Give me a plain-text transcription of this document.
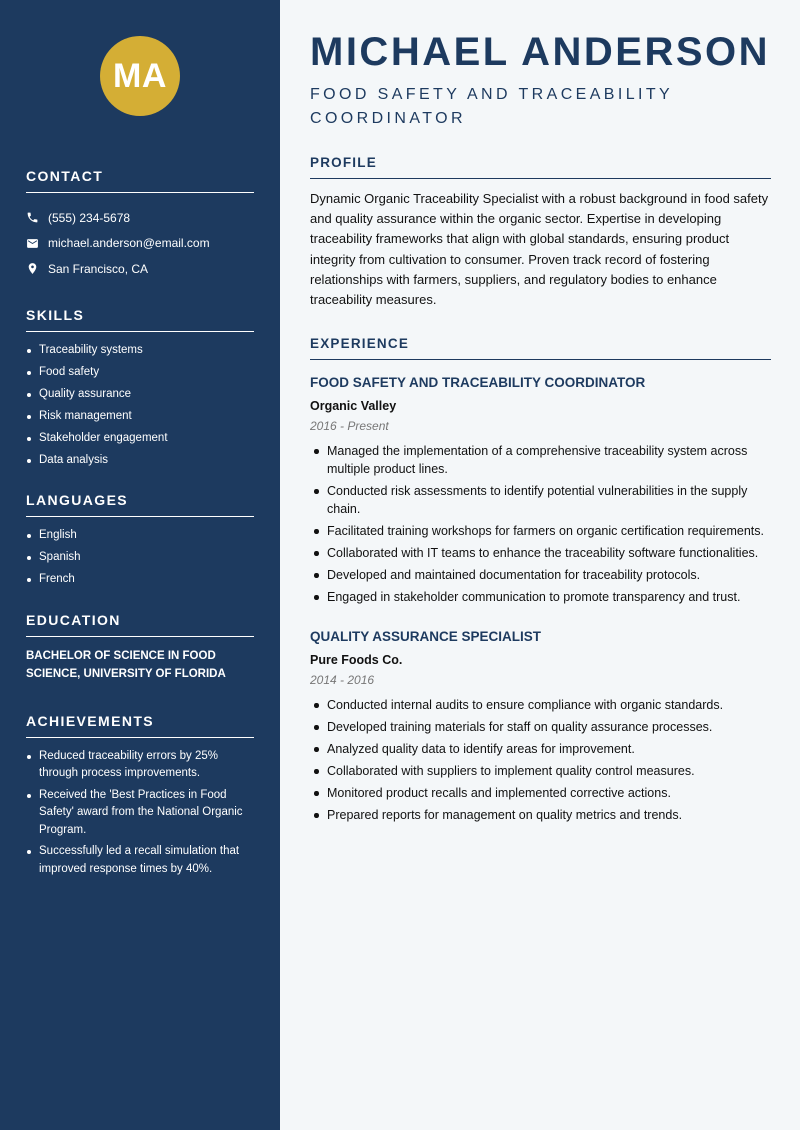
MA
CONTACT
(555) 234-5678
michael.anderson@email.com
San Francisco, CA
SKILLS
Traceability systems
Food safety
Quality assurance
Risk management
Stakeholder engagement
Data analysis
LANGUAGES
English
Spanish
French
EDUCATION

BACHELOR OF SCIENCE IN FOOD SCIENCE, UNIVERSITY OF FLORIDA

ACHIEVEMENTS
Reduced traceability errors by 25% through process improvements.
Received the 'Best Practices in Food Safety' award from the National Organic Program.
Successfully led a recall simulation that improved response times by 40%.
MICHAEL ANDERSON

FOOD SAFETY AND TRACEABILITY COORDINATOR

PROFILE

Dynamic Organic Traceability Specialist with a robust background in food safety and quality assurance within the organic sector. Expertise in developing traceability frameworks that align with global standards, ensuring product integrity from cultivation to consumer. Proven track record of fostering relationships with farmers, suppliers, and regulatory bodies to enhance traceability measures.

EXPERIENCE
FOOD SAFETY AND TRACEABILITY COORDINATOR
Organic Valley
2016 - Present
Managed the implementation of a comprehensive traceability system across multiple product lines.
Conducted risk assessments to identify potential vulnerabilities in the supply chain.
Facilitated training workshops for farmers on organic certification requirements.
Collaborated with IT teams to enhance the traceability software functionalities.
Developed and maintained documentation for traceability protocols.
Engaged in stakeholder communication to promote transparency and trust.
QUALITY ASSURANCE SPECIALIST
Pure Foods Co.
2014 - 2016
Conducted internal audits to ensure compliance with organic standards.
Developed training materials for staff on quality assurance processes.
Analyzed quality data to identify areas for improvement.
Collaborated with suppliers to implement quality control measures.
Monitored product recalls and implemented corrective actions.
Prepared reports for management on quality metrics and trends.
